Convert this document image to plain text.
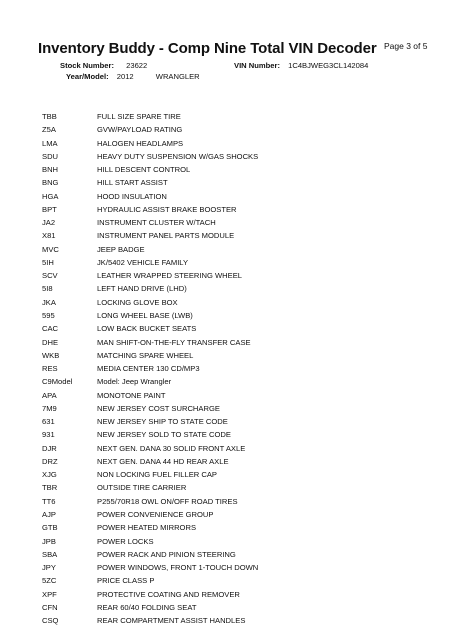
Inventory Buddy - Comp Nine Total VIN Decoder Page 3 of 5
Stock Number: 23622	VIN Number: 1C4BJWEG3CL142084
Year/Model: 2012	WRANGLER
TBB	FULL SIZE SPARE TIRE
Z5A	GVW/PAYLOAD RATING
LMA	HALOGEN HEADLAMPS
SDU	HEAVY DUTY SUSPENSION W/GAS SHOCKS
BNH	HILL DESCENT CONTROL
BNG	HILL START ASSIST
HGA	HOOD INSULATION
BPT	HYDRAULIC ASSIST BRAKE BOOSTER
JA2	INSTRUMENT CLUSTER W/TACH
X81	INSTRUMENT PANEL PARTS MODULE
MVC	JEEP BADGE
5IH	JK/5402 VEHICLE FAMILY
SCV	LEATHER WRAPPED STEERING WHEEL
5I8	LEFT HAND DRIVE (LHD)
JKA	LOCKING GLOVE BOX
595	LONG WHEEL BASE (LWB)
CAC	LOW BACK BUCKET SEATS
DHE	MAN SHIFT-ON-THE-FLY TRANSFER CASE
WKB	MATCHING SPARE WHEEL
RES	MEDIA CENTER 130 CD/MP3
C9Model	Model: Jeep Wrangler
APA	MONOTONE PAINT
7M9	NEW JERSEY COST SURCHARGE
631	NEW JERSEY SHIP TO STATE CODE
931	NEW JERSEY SOLD TO STATE CODE
DJR	NEXT GEN. DANA 30 SOLID FRONT AXLE
DRZ	NEXT GEN. DANA 44 HD REAR AXLE
XJG	NON LOCKING FUEL FILLER CAP
TBR	OUTSIDE TIRE CARRIER
TT6	P255/70R18 OWL ON/OFF ROAD TIRES
AJP	POWER CONVENIENCE GROUP
GTB	POWER HEATED MIRRORS
JPB	POWER LOCKS
SBA	POWER RACK AND PINION STEERING
JPY	POWER WINDOWS, FRONT 1-TOUCH DOWN
5ZC	PRICE CLASS P
XPF	PROTECTIVE COATING AND REMOVER
CFN	REAR 60/40 FOLDING SEAT
CSQ	REAR COMPARTMENT ASSIST HANDLES
